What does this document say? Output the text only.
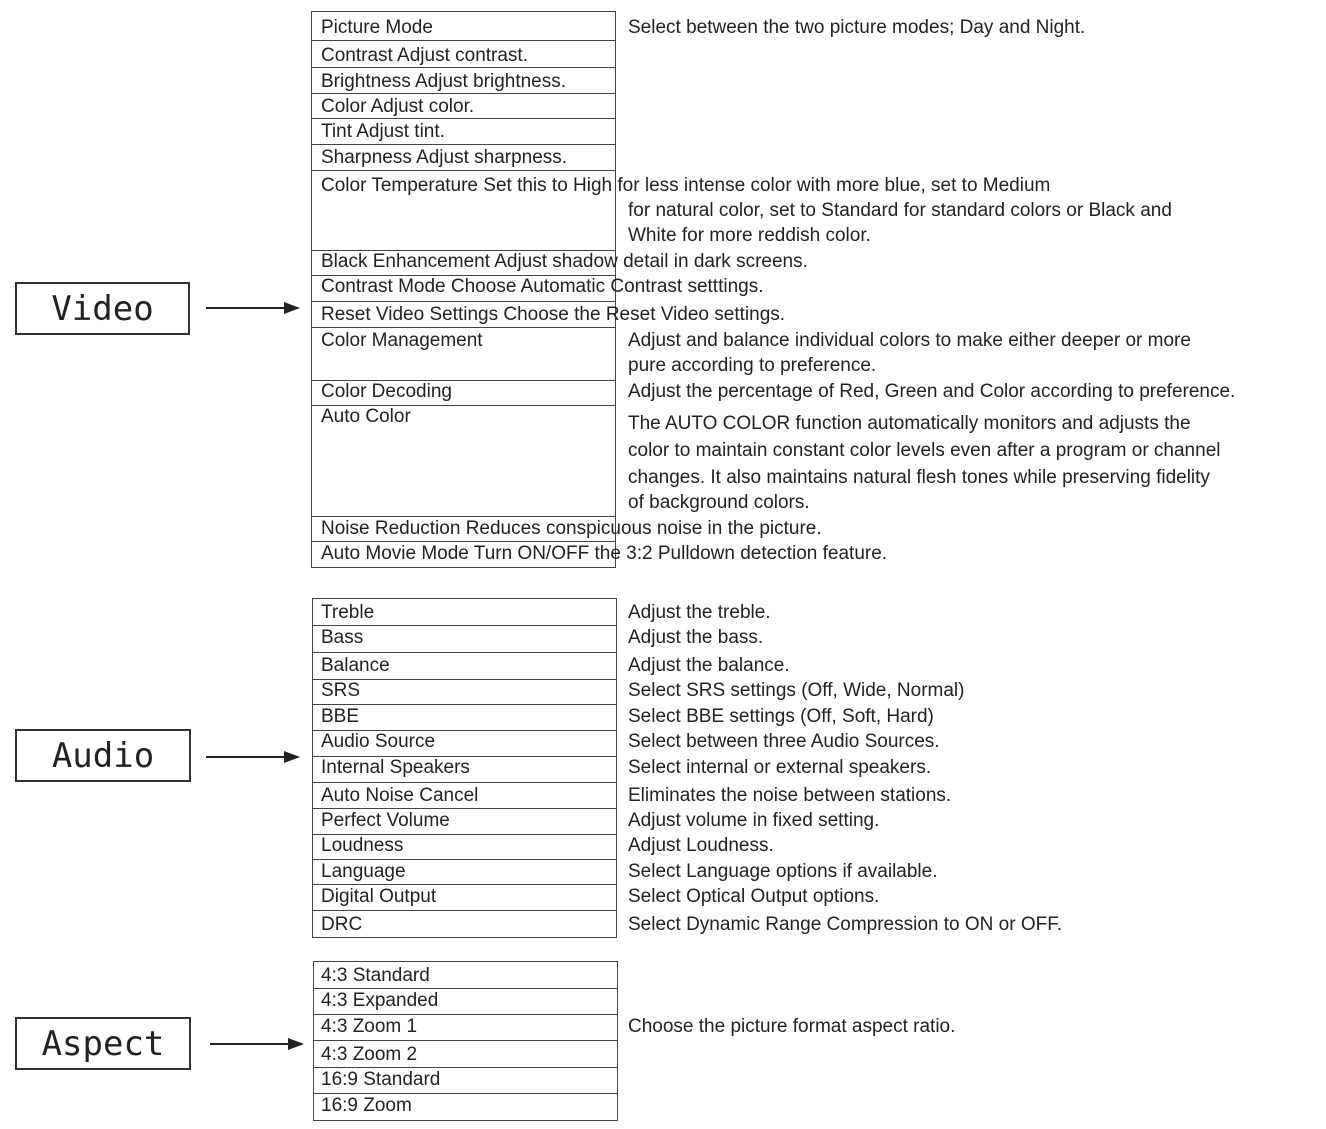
Video
Picture Mode
Contrast Adjust contrast.
Brightness Adjust brightness.
Color Adjust color.
Tint Adjust tint.
Sharpness Adjust sharpness.
Color Temperature Set this to High for less intense color with more blue, set to Medium
Black Enhancement Adjust shadow detail in dark screens.
Contrast Mode Choose Automatic Contrast setttings.
Reset Video Settings Choose the Reset Video settings.
Color Management
Color Decoding
Auto Color
Noise Reduction Reduces conspicuous noise in the picture.
Auto Movie Mode Turn ON/OFF the 3:2 Pulldown detection feature.
Select between the two picture modes; Day and Night.
for natural color, set to Standard for standard colors or Black and
White for more reddish color.
Adjust and balance individual colors to make either deeper or more
pure according to preference.
Adjust the percentage of Red, Green and Color according to preference.
The AUTO COLOR function automatically monitors and adjusts the
color to maintain constant color levels even after a program or channel
changes. It also maintains natural flesh tones while preserving fidelity
of background colors.
Audio
Treble
Bass
Balance
SRS
BBE
Audio Source
Internal Speakers
Auto Noise Cancel
Perfect Volume
Loudness
Language
Digital Output
DRC
Adjust the treble.
Adjust the bass.
Adjust the balance.
Select SRS settings (Off, Wide, Normal)
Select BBE settings (Off, Soft, Hard)
Select between three Audio Sources.
Select internal or external speakers.
Eliminates the noise between stations.
Adjust volume in fixed setting.
Adjust Loudness.
Select Language options if available.
Select Optical Output options.
Select Dynamic Range Compression to ON or OFF.
Aspect
4:3 Standard
4:3 Expanded
4:3 Zoom 1
4:3 Zoom 2
16:9 Standard
16:9 Zoom
Choose the picture format aspect ratio.
